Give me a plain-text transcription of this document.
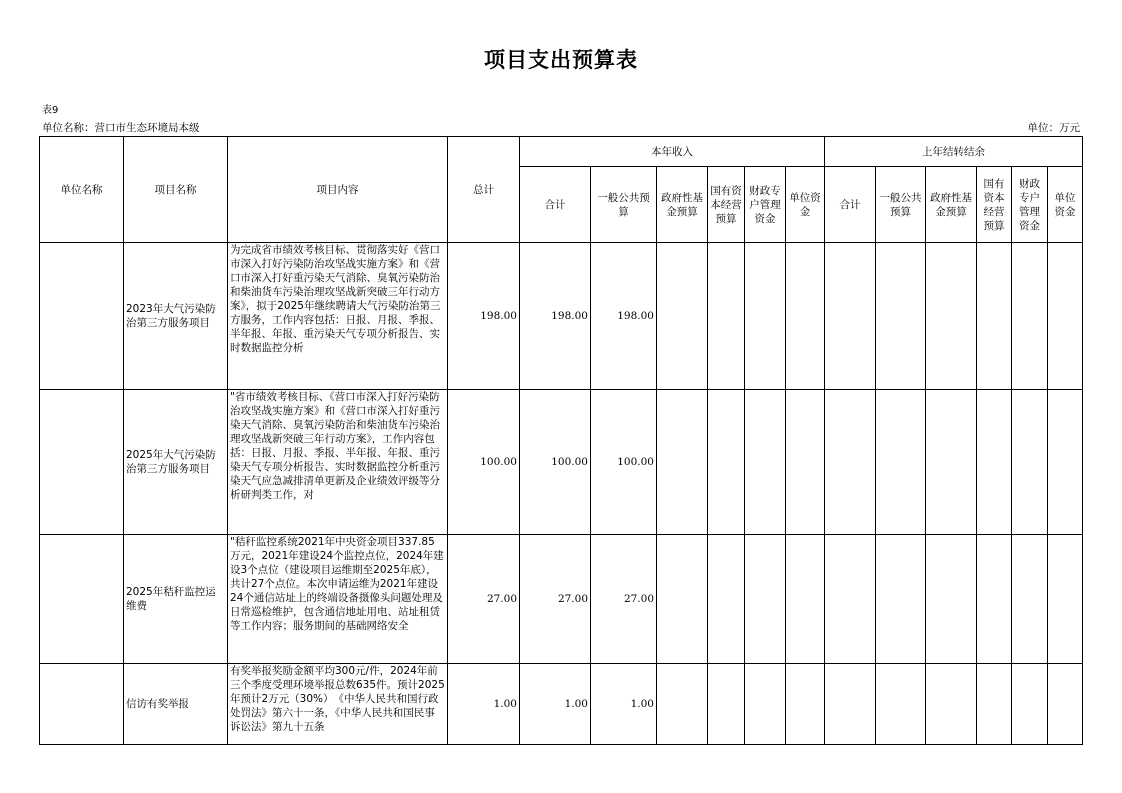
项目支出预算表
表9
单位名称：营口市生态环境局本级	单位：万元
单位名称	项目名称	项目内容	总计	本年收入						上年结转结余					
				合计	一般公共预算	政府性基金预算	国有资本经营预算	财政专户管理资金	单位资金	合计	一般公共预算	政府性基金预算	国有资本经营预算	财政专户管理资金	单位资金
	2023年大气污染防治第三方服务项目	为完成省市绩效考核目标、贯彻落实好《营口市深入打好污染防治攻坚战实施方案》和《营口市深入打好重污染天气消除、臭氧污染防治和柴油货车污染治理攻坚战新突破三年行动方案》，拟于2025年继续聘请大气污染防治第三方服务，工作内容包括：日报、月报、季报、半年报、年报、重污染天气专项分析报告、实时数据监控分析	198.00	198.00	198.00										
	2025年大气污染防治第三方服务项目	"省市绩效考核目标、《营口市深入打好污染防治攻坚战实施方案》和《营口市深入打好重污染天气消除、臭氧污染防治和柴油货车污染治理攻坚战新突破三年行动方案》，工作内容包括：日报、月报、季报、半年报、年报、重污染天气专项分析报告、实时数据监控分析重污染天气应急减排清单更新及企业绩效评级等分析研判类工作，对	100.00	100.00	100.00										
	2025年秸秆监控运维费	"秸秆监控系统2021年中央资金项目337.85万元，2021年建设24个监控点位，2024年建设3个点位（建设项目运维期至2025年底），共计27个点位。本次申请运维为2021年建设24个通信站址上的终端设备摄像头问题处理及日常巡检维护，包含通信地址用电、站址租赁等工作内容；服务期间的基础网络安全	27.00	27.00	27.00										
	信访有奖举报	有奖举报奖励金额平均300元/件，2024年前三个季度受理环境举报总数635件。预计2025年预计2万元（30%）　《中华人民共和国行政处罚法》第六十一条，《中华人民共和国民事诉讼法》第九十五条	1.00	1.00	1.00										
